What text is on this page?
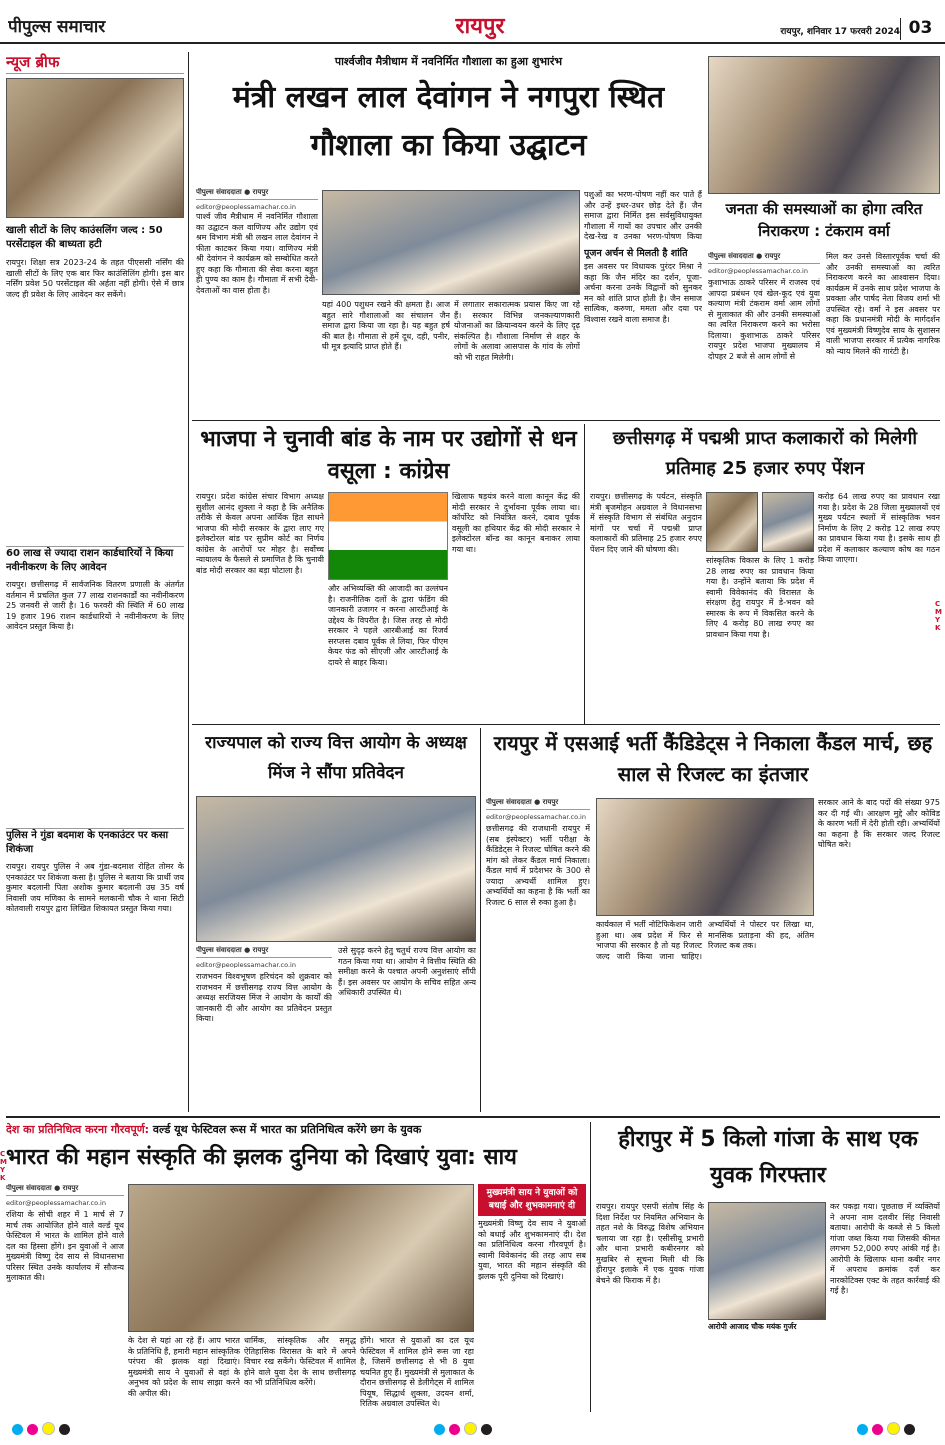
पीपुल्स समाचार	रायपुर	रायपुर, शनिवार 17 फरवरी 2024 03
न्यूज ब्रीफ
खाली सीटों के लिए काउंसलिंग जल्द : 50 परसेंटाइल की बाध्यता हटी
रायपुर। शिक्षा सत्र 2023-24 के तहत पीएससी नर्सिंग की खाली सीटों के लिए एक बार फिर काउंसिलिंग होगी। इस बार नर्सिंग प्रवेश 50 परसेंटाइल की अर्हता नहीं होगी। ऐसे में छात्र जल्द ही प्रवेश के लिए आवेदन कर सकेंगे।
60 लाख से ज्यादा राशन कार्डधारियों ने किया नवीनीकरण के लिए आवेदन
रायपुर। छत्तीसगढ़ में सार्वजनिक वितरण प्रणाली के अंतर्गत वर्तमान में प्रचलित कुल 77 लाख राशनकार्डों का नवीनीकरण 25 जनवरी से जारी है। 16 फरवरी की स्थिति में 60 लाख 19 हजार 196 राशन कार्डधारियों ने नवीनीकरण के लिए आवेदन प्रस्तुत किया है।
पुलिस ने गुंडा बदमाश के एनकाउंटर पर कसा शिकंजा
रायपुर। रायपुर पुलिस ने अब गुंडा-बदमाश रोहित तोमर के एनकाउंटर पर शिकंजा कसा है। पुलिस ने बताया कि प्रार्थी जय कुमार बदलानी पिता अशोक कुमार बदलानी उम्र 35 वर्ष निवासी जय मणिका के सामने मलकानी चौक ने थाना सिटी कोतवाली रायपुर द्वारा लिखित शिकायत प्रस्तुत किया गया।
पार्श्वजीव मैत्रीधाम में नवनिर्मित गौशाला का हुआ शुभारंभ
मंत्री लखन लाल देवांगन ने नगपुरा स्थित गौशाला का किया उद्घाटन
पीपुल्स संवाददाता ● रायपुर
editor@peoplessamachar.co.in
पार्श्व जीव मैत्रीधाम में नवनिर्मित गौशाला का उद्घाटन कल वाणिज्य और उद्योग एवं श्रम विभाग मंत्री श्री लखन लाल देवांगन ने फीता काटकर किया गया। वाणिज्य मंत्री श्री देवांगन ने कार्यक्रम को सम्बोधित करते हुए कहा कि गौमाता की सेवा करना बहुत ही पुण्य का काम है। गौमाता में सभी देवी-देवताओं का वास होता है।
यहां 400 पशुधन रखने की क्षमता है। आज बहुत सारे गौशालाओं का संचालन जैन समाज द्वारा किया जा रहा है। यह बहुत हर्ष की बात है। गौमाता से हमें दूध, दही, पनीर, घी मूत्र इत्यादि प्राप्त होते हैं।
में लगातार सकारात्मक प्रयास किए जा रहे हैं। सरकार विभिन्न जनकल्याणकारी योजनाओं का क्रियान्वयन करने के लिए दृढ़ संकल्पित है। गौशाला निर्माण से शहर के लोगों के अलावा आसपास के गांव के लोगों को भी राहत मिलेगी।
पशुओं का भरण-पोषण नहीं कर पाते हैं और उन्हें इधर-उधर छोड़ देते हैं। जैन समाज द्वारा निर्मित इस सर्वसुविधायुक्त गौशाला में गायों का उपचार और उनकी देख-रेख व उनका भरण-पोषण किया
पूजन अर्चन से मिलती है शांति
इस अवसर पर विधायक पुरंदर मिश्रा ने कहा कि जैन मंदिर का दर्शन, पूजा-अर्चना करना उनके विद्वानों को सुनकर मन को शांति प्राप्त होती है। जैन समाज सात्विक, करुणा, ममता और दया पर विश्वास रखने वाला समाज है।
जनता की समस्याओं का होगा त्वरित निराकरण : टंकराम वर्मा
पीपुल्स संवाददाता ● रायपुर
editor@peoplessamachar.co.in
कुशाभाऊ ठाकरे परिसर में राजस्व एवं आपदा प्रबंधन एवं खेल-कूद एवं युवा कल्याण मंत्री टंकराम वर्मा आम लोगों से मुलाकात की और उनकी समस्याओं का त्वरित निराकरण करने का भरोसा दिलाया। कुशाभाऊ ठाकरे परिसर रायपुर प्रदेश भाजपा मुख्यालय में दोपहर 2 बजे से आम लोगों से
मिल कर उनसे विस्तारपूर्वक चर्चा की और उनकी समस्याओं का त्वरित निराकरण करने का आश्वासन दिया। कार्यक्रम में उनके साथ प्रदेश भाजपा के प्रवक्ता और पार्षद नेता विजय शर्मा भी उपस्थित रहे। वर्मा ने इस अवसर पर कहा कि प्रधानमंत्री मोदी के मार्गदर्शन एवं मुख्यमंत्री विष्णुदेव साय के सुशासन वाली भाजपा सरकार में प्रत्येक नागरिक को न्याय मिलने की गारंटी है।
भाजपा ने चुनावी बांड के नाम पर उद्योगों से धन वसूला : कांग्रेस
रायपुर। प्रदेश कांग्रेस संचार विभाग अध्यक्ष सुशील आनंद शुक्ला ने कहा है कि अनैतिक तरीके से केवल अपना आर्थिक हित साधने भाजपा की मोदी सरकार के द्वारा लाए गए इलेक्टोरल बांड पर सुप्रीम कोर्ट का निर्णय कांग्रेस के आरोपों पर मोहर है। सर्वोच्च न्यायालय के फैसले से प्रमाणित है कि चुनावी बांड मोदी सरकार का बड़ा घोटाला है।
खिलाफ षड़यंत्र करने वाला कानून केंद्र की मोदी सरकार ने दुर्भावना पूर्वक लाया था। कॉर्पोरेट को नियंत्रित करने, दबाव पूर्वक वसूली का हथियार केंद्र की मोदी सरकार ने इलेक्टोरल बॉन्ड का कानून बनाकर लाया गया था।
और अभिव्यक्ति की आजादी का उल्लंघन है। राजनीतिक दलों के द्वारा फंडिंग की जानकारी उजागर न करना आरटीआई के उद्देश्य के विपरीत है। जिस तरह से मोदी सरकार ने पहले आरबीआई का रिजर्व सरप्लस दबाव पूर्वक ले लिया, फिर पीएम केयर फंड को सीएजी और आरटीआई के दायरे से बाहर किया।
छत्तीसगढ़ में पद्मश्री प्राप्त कलाकारों को मिलेगी प्रतिमाह 25 हजार रुपए पेंशन
रायपुर। छत्तीसगढ़ के पर्यटन, संस्कृति मंत्री बृजमोहन अग्रवाल ने विधानसभा में संस्कृति विभाग से संबंधित अनुदान मांगों पर चर्चा में पद्मश्री प्राप्त कलाकारों की प्रतिमाह 25 हजार रुपए पेंशन दिए जाने की घोषणा की।
सांस्कृतिक विकास के लिए 1 करोड़ 28 लाख रुपए का प्रावधान किया गया है। उन्होंने बताया कि प्रदेश में स्वामी विवेकानंद की विरासत के संरक्षण हेतु रायपुर में डे-भवन को स्मारक के रूप में विकसित करने के लिए 4 करोड़ 80 लाख रुपए का प्रावधान किया गया है।
करोड़ 64 लाख रुपए का प्रावधान रखा गया है। प्रदेश के 28 जिला मुख्यालयों एवं मुख्य पर्यटन स्थलों में सांस्कृतिक भवन निर्माण के लिए 2 करोड़ 12 लाख रुपए का प्रावधान किया गया है। इसके साथ ही प्रदेश में कलाकार कल्याण कोष का गठन किया जाएगा।
राज्यपाल को राज्य वित्त आयोग के अध्यक्ष मिंज ने सौंपा प्रतिवेदन
पीपुल्स संवाददाता ● रायपुर
editor@peoplessamachar.co.in
राजभवन विश्वभूषण हरिचंदन को शुक्रवार को राजभवन में छत्तीसगढ़ राज्य वित्त आयोग के अध्यक्ष सरजियस मिंज ने आयोग के कार्यों की जानकारी दी और आयोग का प्रतिवेदन प्रस्तुत किया।
उसे सुदृढ़ करने हेतु चतुर्थ राज्य वित्त आयोग का गठन किया गया था। आयोग ने वित्तीय स्थिति की समीक्षा करने के पश्चात अपनी अनुशंसाएं सौंपी हैं। इस अवसर पर आयोग के सचिव सहित अन्य अधिकारी उपस्थित थे।
रायपुर में एसआई भर्ती कैंडिडेट्स ने निकाला कैंडल मार्च, छह साल से रिजल्ट का इंतजार
पीपुल्स संवाददाता ● रायपुर
editor@peoplessamachar.co.in
छत्तीसगढ़ की राजधानी रायपुर में (सब इंस्पेक्टर) भर्ती परीक्षा के कैंडिडेट्स ने रिजल्ट घोषित करने की मांग को लेकर कैंडल मार्च निकाला। कैंडल मार्च में प्रदेशभर के 300 से ज्यादा अभ्यर्थी शामिल हुए। अभ्यर्थियों का कहना है कि भर्ती का रिजल्ट 6 साल से रुका हुआ है।
कार्यकाल में भर्ती नोटिफिकेशन जारी हुआ था। अब प्रदेश में फिर से भाजपा की सरकार है तो यह रिजल्ट जल्द जारी किया जाना चाहिए। अभ्यर्थियों ने पोस्टर पर लिखा था, मानसिक प्रताड़ना की हद, अंतिम रिजल्ट कब तक।
सरकार आने के बाद पदों की संख्या 975 कर दी गई थी। आरक्षण मुद्दे और कोविड के कारण भर्ती में देरी होती रही। अभ्यर्थियों का कहना है कि सरकार जल्द रिजल्ट घोषित करे।
देश का प्रतिनिधित्व करना गौरवपूर्ण: वर्ल्ड यूथ फेस्टिवल रूस में भारत का प्रतिनिधित्व करेंगे छग के युवक
भारत की महान संस्कृति की झलक दुनिया को दिखाएं युवा: साय
पीपुल्स संवाददाता ● रायपुर
editor@peoplessamachar.co.in
रशिया के सोची शहर में 1 मार्च से 7 मार्च तक आयोजित होने वाले वर्ल्ड यूथ फेस्टिवल में भारत के शामिल होने वाले दल का हिस्सा होंगे। इन युवाओं ने आज मुख्यमंत्री विष्णु देव साय से विधानसभा परिसर स्थित उनके कार्यालय में सौजन्य मुलाकात की।
मुख्यमंत्री साय ने युवाओं को बधाई और शुभकामनाएं दी
मुख्यमंत्री विष्णु देव साय ने युवाओं को बधाई और शुभकामनाएं दी। देश का प्रतिनिधित्व करना गौरवपूर्ण है। स्वामी विवेकानंद की तरह आप सब युवा, भारत की महान संस्कृति की झलक पूरी दुनिया को दिखाएं।
के देश से यहां आ रहे हैं। आप भारत के प्रतिनिधि हैं, हमारी महान सांस्कृतिक परंपरा की झलक वहां दिखाएं। मुख्यमंत्री साय ने युवाओं से वहां के अनुभव को प्रदेश के साथ साझा करने की अपील की।
धार्मिक, सांस्कृतिक और समृद्ध ऐतिहासिक विरासत के बारे में अपने विचार रख सकेंगे। फेस्टिवल में शामिल होने वाले युवा देश के साथ छत्तीसगढ़ का भी प्रतिनिधित्व करेंगे।
होंगे। भारत से युवाओं का दल यूथ फेस्टिवल में शामिल होने रूस जा रहा है, जिसमें छत्तीसगढ़ से भी 8 युवा चयनित हुए हैं। मुख्यमंत्री से मुलाकात के दौरान छत्तीसगढ़ से डेलीगेट्स में शामिल पियूष, सिद्धार्थ शुक्ला, उदयन शर्मा, रितिक अग्रवाल उपस्थित थे।
हीरापुर में 5 किलो गांजा के साथ एक युवक गिरफ्तार
रायपुर। रायपुर एसपी संतोष सिंह के दिशा निर्देश पर नियमित अभियान के तहत नशे के विरुद्ध विशेष अभियान चलाया जा रहा है। एसीसीयू प्रभारी और थाना प्रभारी कबीरनगर को मुखबिर से सूचना मिली थी कि हीरापुर इलाके में एक युवक गांजा बेचने की फिराक में है।
आरोपी आजाद चौक मयंक गुर्जर
कर पकड़ा गया। पूछताछ में व्यक्तियों ने अपना नाम दलवीर सिंह निवासी बताया। आरोपी के कब्जे से 5 किलो गांजा जब्त किया गया जिसकी कीमत लगभग 52,000 रुपए आंकी गई है। आरोपी के खिलाफ थाना कबीर नगर में अपराध क्रमांक दर्ज कर नारकोटिक्स एक्ट के तहत कार्रवाई की गई है।
CMYK
CMYK
